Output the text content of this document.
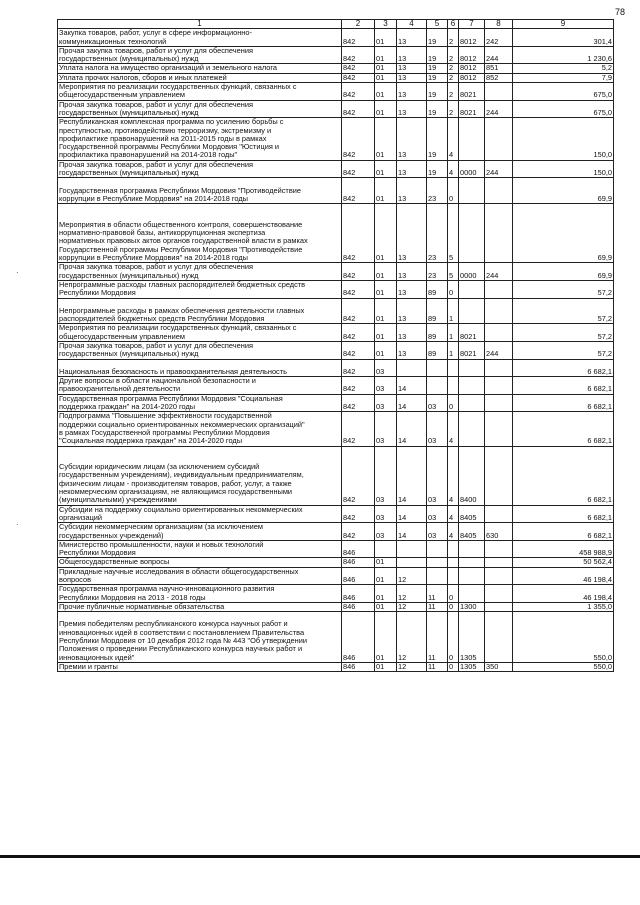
78
1	2	3	4	5	6	7	8	9

Закупка товаров, работ, услуг в сфере информационно-
коммуникационных технологий	842	01	13	19	2	8012	242	301,4

Прочая закупка товаров, работ и услуг для обеспечения
государственных (муниципальных) нужд	842	01	13	19	2	8012	244	1 230,6

Уплата налога на имущество организаций и земельного налога	842	01	13	19	2	8012	851	5,2

Уплата прочих налогов, сборов и иных платежей	842	01	13	19	2	8012	852	7,9

Мероприятия по реализации государственных функций, связанных с
общегосударственным управлением	842	01	13	19	2	8021		675,0

Прочая закупка товаров, работ и услуг для обеспечения
государственных (муниципальных) нужд	842	01	13	19	2	8021	244	675,0

Республиканская комплексная программа по усилению борьбы с
преступностью, противодействию терроризму, экстремизму и
профилактике правонарушений на 2011-2015 годы в рамках
Государственной программы Республики Мордовия "Юстиция и
профилактика правонарушений на 2014-2018 годы"	842	01	13	19	4			150,0

Прочая закупка товаров, работ и услуг для обеспечения
государственных (муниципальных) нужд	842	01	13	19	4	0000	244	150,0

Государственная программа Республики Мордовия "Противодействие
коррупции в Республике Мордовия" на 2014-2018 годы	842	01	13	23	0			69,9

Мероприятия в области общественного контроля, совершенствование
нормативно-правовой базы, антикоррупционная экспертиза
нормативных правовых актов органов государственной власти в рамках
Государственной программы Республики Мордовия "Противодействие
коррупции в Республике Мордовия" на 2014-2018 годы	842	01	13	23	5			69,9

Прочая закупка товаров, работ и услуг для обеспечения
государственных (муниципальных) нужд	842	01	13	23	5	0000	244	69,9

Непрограммные расходы главных распорядителей бюджетных средств
Республики Мордовия	842	01	13	89	0			57,2

Непрограммные расходы в рамках обеспечения деятельности главных
распорядителей бюджетных средств Республики Мордовия	842	01	13	89	1			57,2

Мероприятия по реализации государственных функций, связанных с
общегосударственным управлением	842	01	13	89	1	8021		57,2

Прочая закупка товаров, работ и услуг для обеспечения
государственных (муниципальных) нужд	842	01	13	89	1	8021	244	57,2

Национальная безопасность и правоохранительная деятельность	842	03						6 682,1

Другие вопросы в области национальной безопасности и
правоохранительной деятельности	842	03	14					6 682,1

Государственная программа Республики Мордовия "Социальная
поддержка граждан" на 2014-2020 годы	842	03	14	03	0			6 682,1

Подпрограмма "Повышение эффективности государственной
поддержки социально ориентированных некоммерческих организаций"
в рамках Государственной программы Республики Мордовия
"Социальная поддержка граждан" на 2014-2020 годы	842	03	14	03	4			6 682,1

Субсидии юридическим лицам (за исключением субсидий
государственным учреждениям), индивидуальным предпринимателям,
физическим лицам - производителям товаров, работ, услуг, а также
некоммерческим организациям, не являющимся государственными
(муниципальными) учреждениями	842	03	14	03	4	8400		6 682,1

Субсидии на поддержку социально ориентированных некоммерческих
организаций	842	03	14	03	4	8405		6 682,1

Субсидии некоммерческим организациям (за исключением
государственных учреждений)	842	03	14	03	4	8405	630	6 682,1

Министерство промышленности, науки и новых технологий
Республики Мордовия	846							458 988,9

Общегосударственные вопросы	846	01						50 562,4

Прикладные научные исследования в области общегосударственных
вопросов	846	01	12					46 198,4

Государственная программа научно-инновационного развития
Республики Мордовия на 2013 - 2018 годы	846	01	12	11	0			46 198,4

Прочие публичные нормативные обязательства	846	01	12	11	0	1300		1 355,0

Премия победителям республиканского конкурса научных работ и
инновационных идей в соответствии с постановлением Правительства
Республики Мордовия от 10 декабря 2012 года № 443 "Об утверждении
Положения о проведении Республиканского конкурса научных работ и
инновационных идей"	846	01	12	11	0	1305		550,0

Премии и гранты	846	01	12	11	0	1305	350	550,0
·
·
